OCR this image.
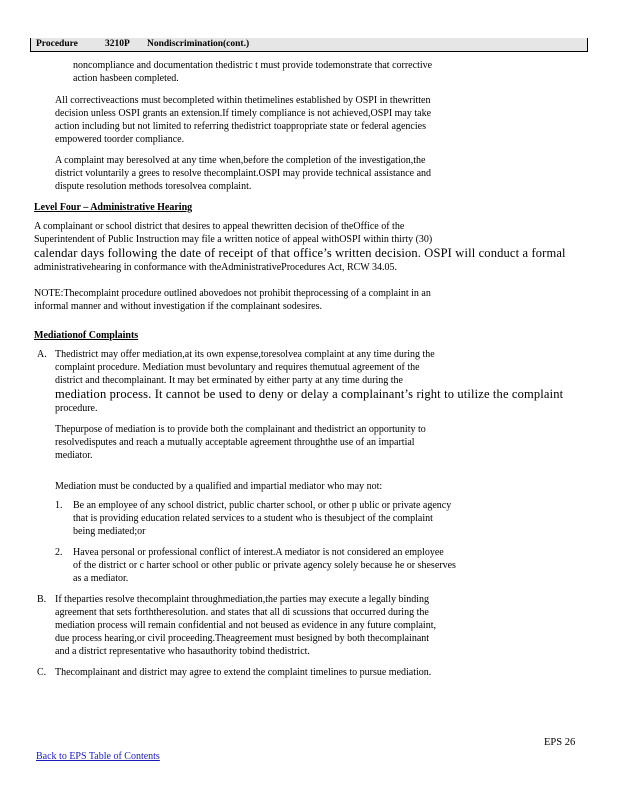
Procedure	3210P Nondiscrimination(cont.)
noncompliance and documentation thedistric t must provide todemonstrate that corrective
action hasbeen completed.
All correctiveactions must becompleted within thetimelines established by OSPI in thewritten
decision unless OSPI grants an extension.If timely compliance is not achieved,OSPI may take
action including but not limited to referring thedistrict toappropriate state or federal agencies
empowered toorder compliance.
A complaint may beresolved at any time when,before the completion of the investigation,the
district voluntarily a grees to resolve thecomplaint.OSPI may provide technical assistance and
dispute resolution methods toresolvea complaint.
A complainant or school district that desires to appeal thewritten decision of theOffice of the
Superintendent of Public Instruction may file a written notice of appeal withOSPI within thirty (30)
calendar days following the date of receipt of that office’s written decision. OSPI will conduct a formal
administrativehearing in conformance with theAdministrativeProcedures Act, RCW 34.05.
NOTE:Thecomplaint procedure outlined abovedoes not prohibit theprocessing of a complaint in an
informal manner and without investigation if the complainant sodesires.
Thedistrict may offer mediation,at its own expense,toresolvea complaint at any time during the
complaint procedure. Mediation must bevoluntary and requires themutual agreement of the
district and thecomplainant. It may bet erminated by either party at any time during the
mediation process. It cannot be used to deny or delay a complainant’s right to utilize the complaint
procedure.
Thepurpose of mediation is to provide both the complainant and thedistrict an opportunity to
resolvedisputes and reach a mutually acceptable agreement throughthe use of an impartial
mediator.
Mediation must be conducted by a qualified and impartial mediator who may not:
Be an employee of any school district, public charter school, or other p ublic or private agency
that is providing education related services to a student who is thesubject of the complaint
being mediated;or
Havea personal or professional conflict of interest.A mediator is not considered an employee
of the district or c harter school or other public or private agency solely because he or sheserves
as a mediator.
If theparties resolve thecomplaint throughmediation,the parties may execute a legally binding
agreement that sets forththeresolution. and states that all di scussions that occurred during the
mediation process will remain confidential and not beused as evidence in any future complaint,
due process hearing,or civil proceeding.Theagreement must besigned by both thecomplainant
and a district representative who hasauthority tobind thedistrict.
Thecomplainant and district may agree to extend the complaint timelines to pursue mediation.
A.
1.
2.
B.
C.
Level Four – Administrative Hearing
Mediationof Complaints
EPS 26
Back to EPS Table of Contents
